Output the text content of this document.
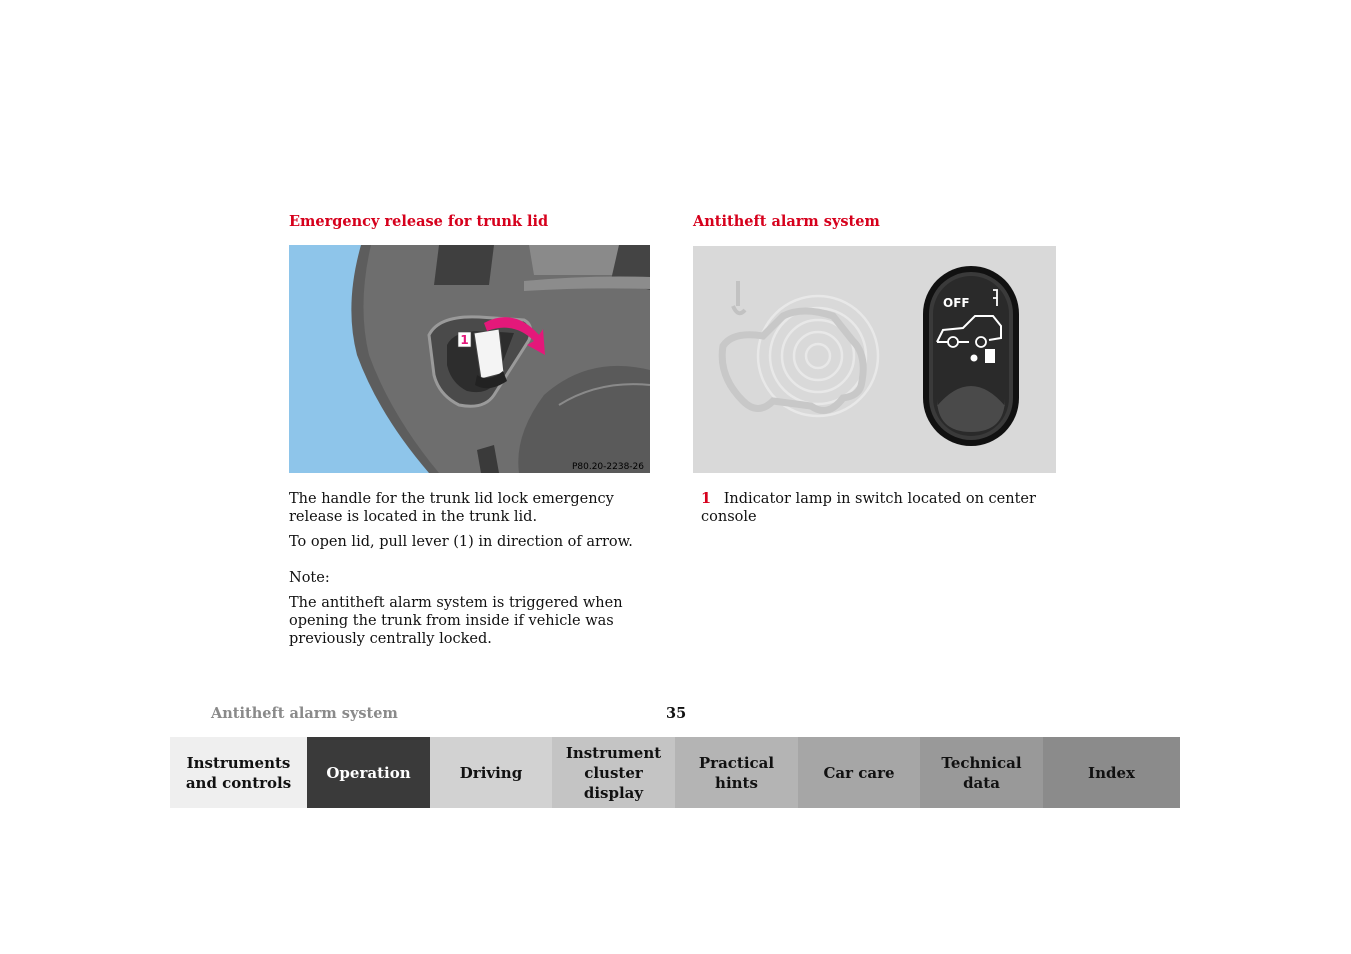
Emergency release for trunk lid
1
P80.20-2238-26

The handle for the trunk lid lock emergency release is located in the trunk lid.

To open lid, pull lever (1) in direction of arrow.

Note:

The antitheft alarm system is triggered when opening the trunk from inside if vehicle was previously centrally locked.

Antitheft alarm system
OFF
1 Indicator lamp in switch located on center console
Antitheft alarm system	35
Instruments
and controls
Operation	Driving
Instrument
cluster display
Practical hints
Car care
Technical
data
Index
